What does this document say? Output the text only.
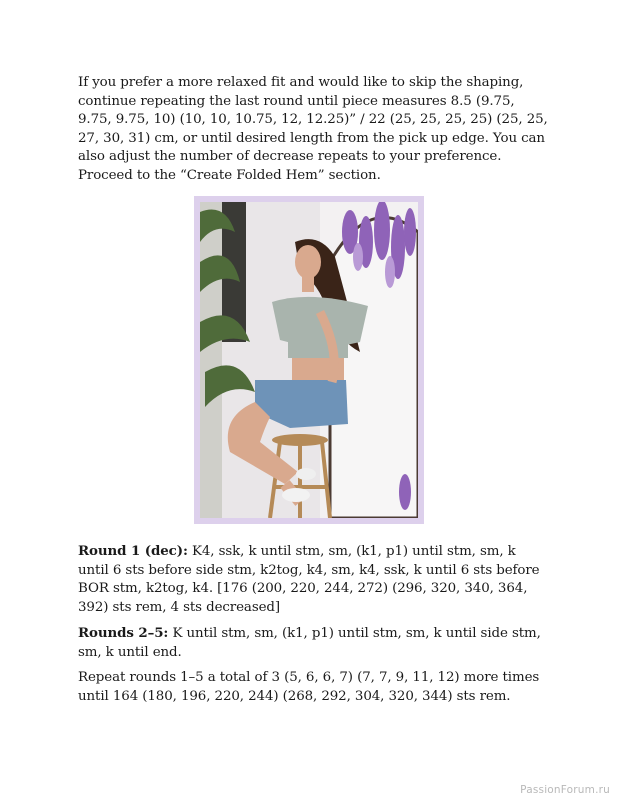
If you prefer a more relaxed fit and would like to skip the shaping, continue repeating the last round until piece measures 8.5 (9.75, 9.75, 9.75, 10) (10, 10, 10.75, 12, 12.25)” / 22 (25, 25, 25, 25) (25, 25, 27, 30, 31) cm, or until desired length from the pick up edge. You can also adjust the number of decrease repeats to your preference. Proceed to the “Create Folded Hem” section.

Round 1 (dec): K4, ssk, k until stm, sm, (k1, p1) until stm, sm, k until 6 sts before side stm, k2tog, k4, sm, k4, ssk, k until 6 sts before BOR stm, k2tog, k4. [176 (200, 220, 244, 272) (296, 320, 340, 364, 392) sts rem, 4 sts decreased]

Rounds 2–5: K until stm, sm, (k1, p1) until stm, sm, k until side stm, sm, k until end.

Repeat rounds 1–5 a total of 3 (5, 6, 6, 7) (7, 7, 9, 11, 12) more times until 164 (180, 196, 220, 244) (268, 292, 304, 320, 344) sts rem.

PassionForum.ru
